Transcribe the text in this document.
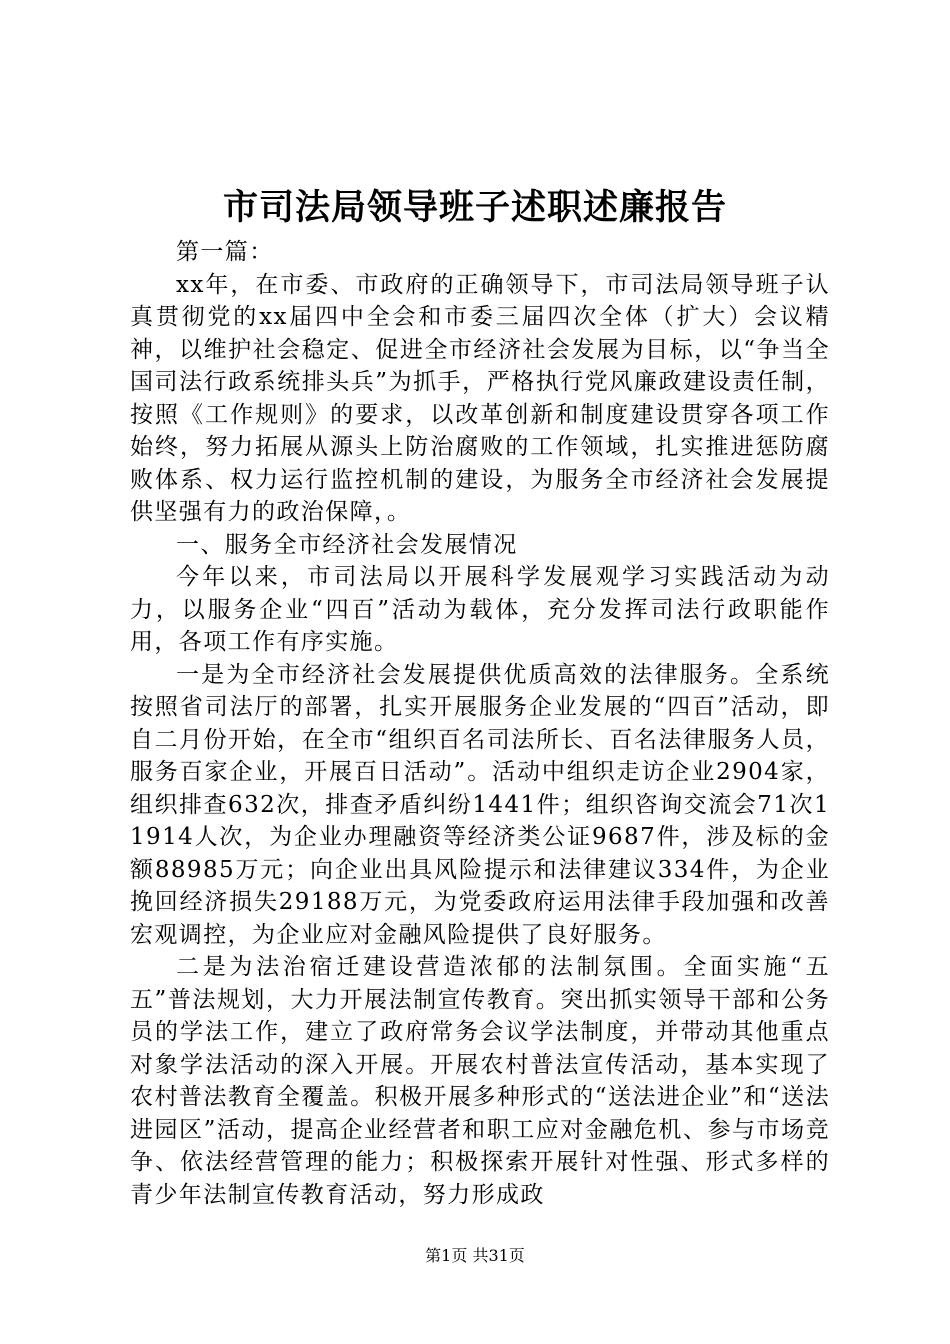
市司法局领导班子述职述廉报告

第一篇：

xx年，在市委、市政府的正确领导下，市司法局领导班子认真贯彻党的xx届四中全会和市委三届四次全体（扩大）会议精神，以维护社会稳定、促进全市经济社会发展为目标，以“争当全国司法行政系统排头兵”为抓手，严格执行党风廉政建设责任制，按照《工作规则》的要求，以改革创新和制度建设贯穿各项工作始终，努力拓展从源头上防治腐败的工作领域，扎实推进惩防腐败体系、权力运行监控机制的建设，为服务全市经济社会发展提供坚强有力的政治保障，。

一、服务全市经济社会发展情况

今年以来，市司法局以开展科学发展观学习实践活动为动力，以服务企业“四百”活动为载体，充分发挥司法行政职能作用，各项工作有序实施。

一是为全市经济社会发展提供优质高效的法律服务。全系统按照省司法厅的部署，扎实开展服务企业发展的“四百”活动，即自二月份开始，在全市“组织百名司法所长、百名法律服务人员，服务百家企业，开展百日活动”。活动中组织走访企业2904家，组织排查632次，排查矛盾纠纷1441件；组织咨询交流会71次11914人次，为企业办理融资等经济类公证9687件，涉及标的金额88985万元；向企业出具风险提示和法律建议334件，为企业挽回经济损失29188万元，为党委政府运用法律手段加强和改善宏观调控，为企业应对金融风险提供了良好服务。

二是为法治宿迁建设营造浓郁的法制氛围。全面实施“五五”普法规划，大力开展法制宣传教育。突出抓实领导干部和公务员的学法工作，建立了政府常务会议学法制度，并带动其他重点对象学法活动的深入开展。开展农村普法宣传活动，基本实现了农村普法教育全覆盖。积极开展多种形式的“送法进企业”和“送法进园区”活动，提高企业经营者和职工应对金融危机、参与市场竞争、依法经营管理的能力；积极探索开展针对性强、形式多样的青少年法制宣传教育活动，努力形成政

第1页 共31页
